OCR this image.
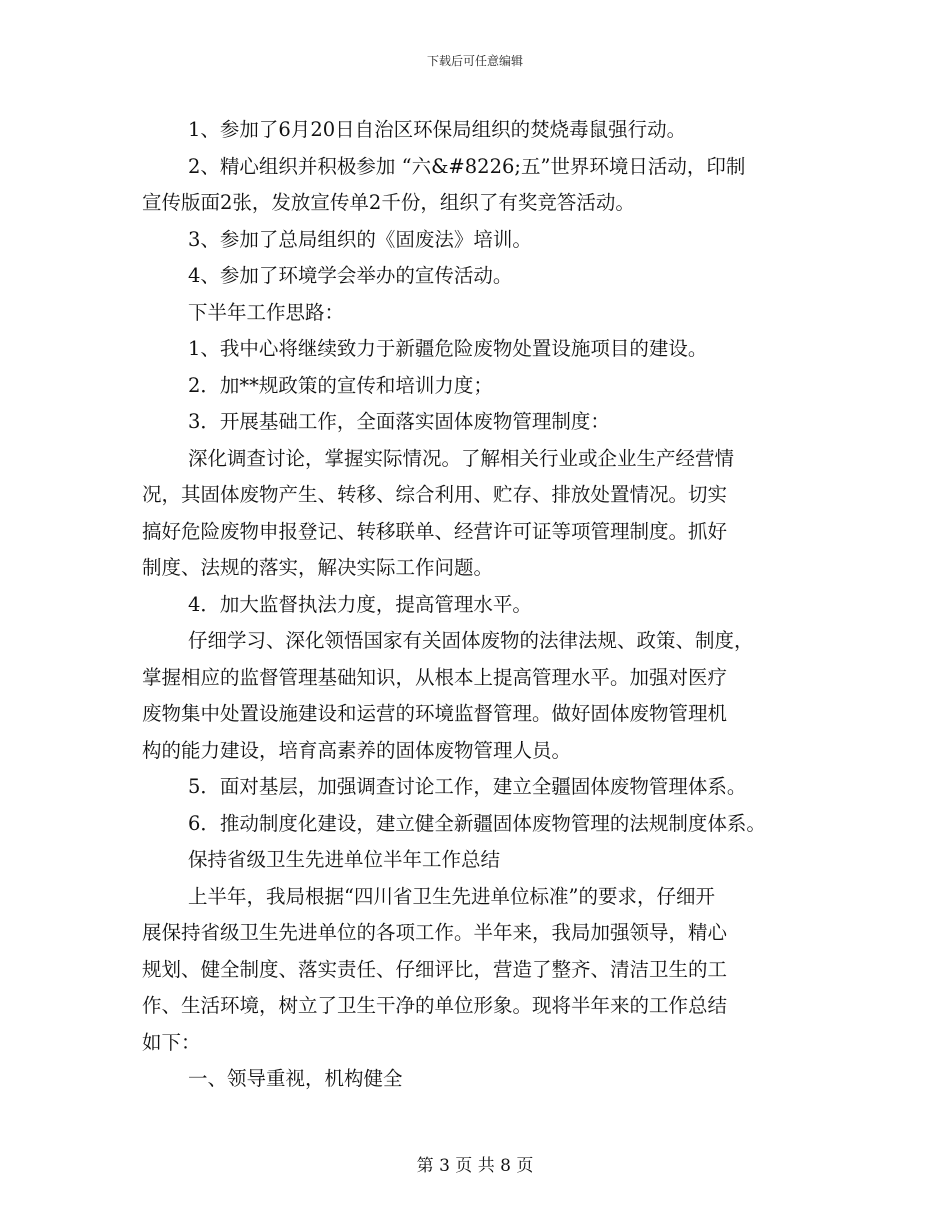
下载后可任意编辑
1、参加了6月20日自治区环保局组织的焚烧毒鼠强行动。
2、精心组织并积极参加 “六&#8226;五”世界环境日活动，印制
宣传版面2张，发放宣传单2千份，组织了有奖竞答活动。
3、参加了总局组织的《固废法》培训。
4、参加了环境学会举办的宣传活动。
下半年工作思路：
1、我中心将继续致力于新疆危险废物处置设施项目的建设。
2．加**规政策的宣传和培训力度；
3．开展基础工作，全面落实固体废物管理制度：
深化调查讨论，掌握实际情况。了解相关行业或企业生产经营情
况，其固体废物产生、转移、综合利用、贮存、排放处置情况。切实
搞好危险废物申报登记、转移联单、经营许可证等项管理制度。抓好
制度、法规的落实，解决实际工作问题。
4．加大监督执法力度，提高管理水平。
仔细学习、深化领悟国家有关固体废物的法律法规、政策、制度，
掌握相应的监督管理基础知识，从根本上提高管理水平。加强对医疗
废物集中处置设施建设和运营的环境监督管理。做好固体废物管理机
构的能力建设，培育高素养的固体废物管理人员。
5．面对基层，加强调查讨论工作，建立全疆固体废物管理体系。
6．推动制度化建设，建立健全新疆固体废物管理的法规制度体系。
保持省级卫生先进单位半年工作总结
上半年，我局根据“四川省卫生先进单位标准”的要求，仔细开
展保持省级卫生先进单位的各项工作。半年来，我局加强领导，精心
规划、健全制度、落实责任、仔细评比，营造了整齐、清洁卫生的工
作、生活环境，树立了卫生干净的单位形象。现将半年来的工作总结
如下：
一、领导重视，机构健全
第 3 页 共 8 页
